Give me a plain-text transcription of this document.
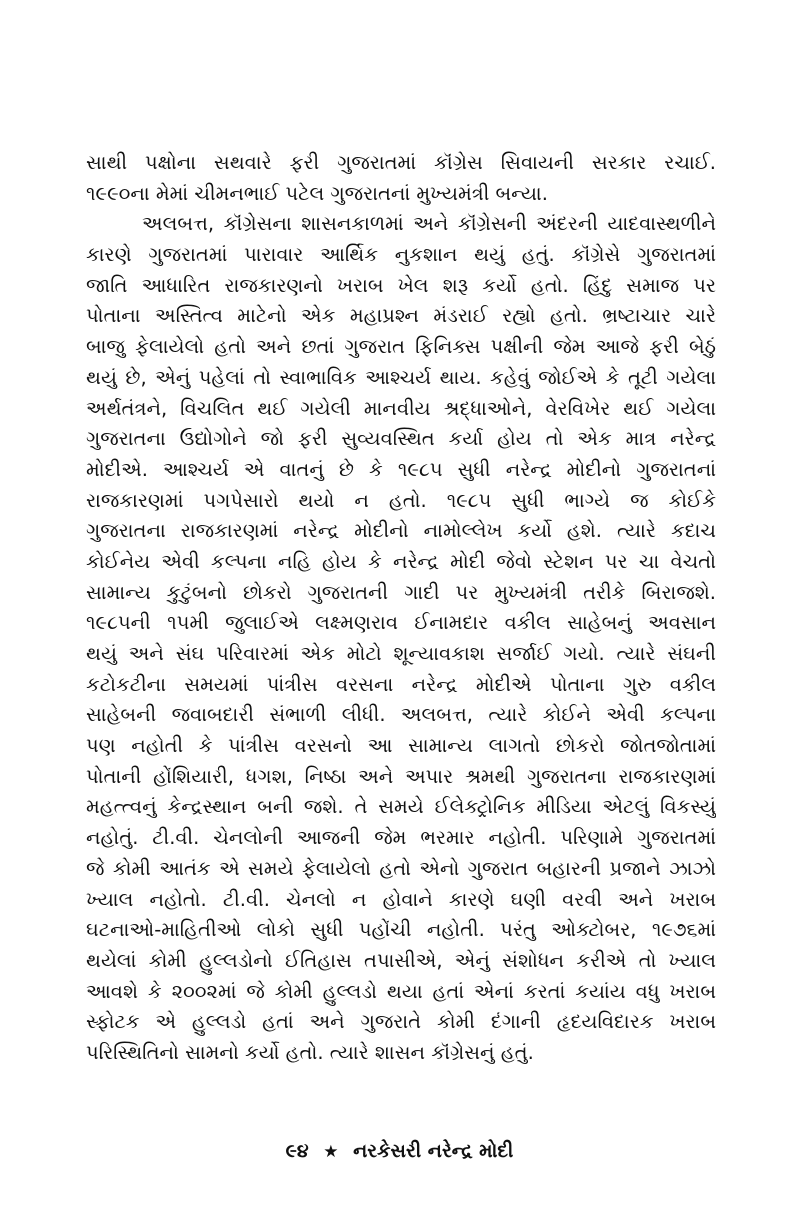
સાથી પક્ષોના સથવારે ફરી ગુજરાતમાં કૉંગ્રેસ સિવાયની સરકાર રચાઈ.
૧૯૯૦ના મેમાં ચીમનભાઈ પટેલ ગુજરાતનાં મુખ્યમંત્રી બન્યા.
અલબત્ત, કૉંગ્રેસના શાસનકાળમાં અને કૉંગ્રેસની અંદરની યાદવાસ્થળીને
કારણે ગુજરાતમાં પારાવાર આર્થિક નુકશાન થયું હતું. કૉંગ્રેસે ગુજરાતમાં
જાતિ આધારિત રાજકારણનો ખરાબ ખેલ શરૂ કર્યો હતો. હિંદુ સમાજ પર
પોતાના અસ્તિત્વ માટેનો એક મહાપ્રશ્ન મંડરાઈ રહ્યો હતો. ભ્રષ્ટાચાર ચારે
બાજુ ફેલાયેલો હતો અને છતાં ગુજરાત ફિનિક્સ પક્ષીની જેમ આજે ફરી બેઠું
થયું છે, એનું પહેલાં તો સ્વાભાવિક આશ્ચર્ય થાય. કહેવું જોઈએ કે તૂટી ગયેલા
અર્થતંત્રને, વિચલિત થઈ ગયેલી માનવીય શ્રદ્ધાઓને, વેરવિખેર થઈ ગયેલા
ગુજરાતના ઉદ્યોગોને જો ફરી સુવ્યવસ્થિત કર્યા હોય તો એક માત્ર નરેન્દ્ર
મોદીએ. આશ્ચર્ય એ વાતનું છે કે ૧૯૮૫ સુધી નરેન્દ્ર મોદીનો ગુજરાતનાં
રાજકારણમાં પગપેસારો થયો ન હતો. ૧૯૮૫ સુધી ભાગ્યે જ કોઈકે
ગુજરાતના રાજકારણમાં નરેન્દ્ર મોદીનો નામોલ્લેખ કર્યો હશે. ત્યારે કદાચ
કોઈનેય એવી કલ્પના નહિ હોય કે નરેન્દ્ર મોદી જેવો સ્ટેશન પર ચા વેચતો
સામાન્ય કુટુંબનો છોકરો ગુજરાતની ગાદી પર મુખ્યમંત્રી તરીકે બિરાજશે.
૧૯૮૫ની ૧૫મી જુલાઈએ લક્ષ્મણરાવ ઈનામદાર વકીલ સાહેબનું અવસાન
થયું અને સંઘ પરિવારમાં એક મોટો શૂન્યાવકાશ સર્જાઈ ગયો. ત્યારે સંઘની
કટોકટીના સમયમાં પાંત્રીસ વરસના નરેન્દ્ર મોદીએ પોતાના ગુરુ વકીલ
સાહેબની જવાબદારી સંભાળી લીધી. અલબત્ત, ત્યારે કોઈને એવી કલ્પના
પણ નહોતી કે પાંત્રીસ વરસનો આ સામાન્ય લાગતો છોકરો જોતજોતામાં
પોતાની હોંશિયારી, ધગશ, નિષ્ઠા અને અપાર શ્રમથી ગુજરાતના રાજકારણમાં
મહત્ત્વનું કેન્દ્રસ્થાન બની જશે. તે સમયે ઈલેક્ટ્રોનિક મીડિયા એટલું વિકસ્યું
નહોતું. ટી.વી. ચેનલોની આજની જેમ ભરમાર નહોતી. પરિણામે ગુજરાતમાં
જે કોમી આતંક એ સમયે ફેલાયેલો હતો એનો ગુજરાત બહારની પ્રજાને ઝાઝો
ખ્યાલ નહોતો. ટી.વી. ચેનલો ન હોવાને કારણે ઘણી વરવી અને ખરાબ
ઘટનાઓ-માહિતીઓ લોકો સુધી પહોંચી નહોતી. પરંતુ ઓક્ટોબર, ૧૯૭૬માં
થયેલાં કોમી હુલ્લડોનો ઈતિહાસ તપાસીએ, એનું સંશોધન કરીએ તો ખ્યાલ
આવશે કે ૨૦૦૨માં જે કોમી હુલ્લડો થયા હતાં એનાં કરતાં કયાંય વધુ ખરાબ
સ્ફોટક એ હુલ્લડો હતાં અને ગુજરાતે કોમી દંગાની હૃદયવિદારક ખરાબ
પરિસ્થિતિનો સામનો કર્યો હતો. ત્યારે શાસન કૉંગ્રેસનું હતું.
૯૪ ★ નરકેસરી નરેન્દ્ર મોદી
